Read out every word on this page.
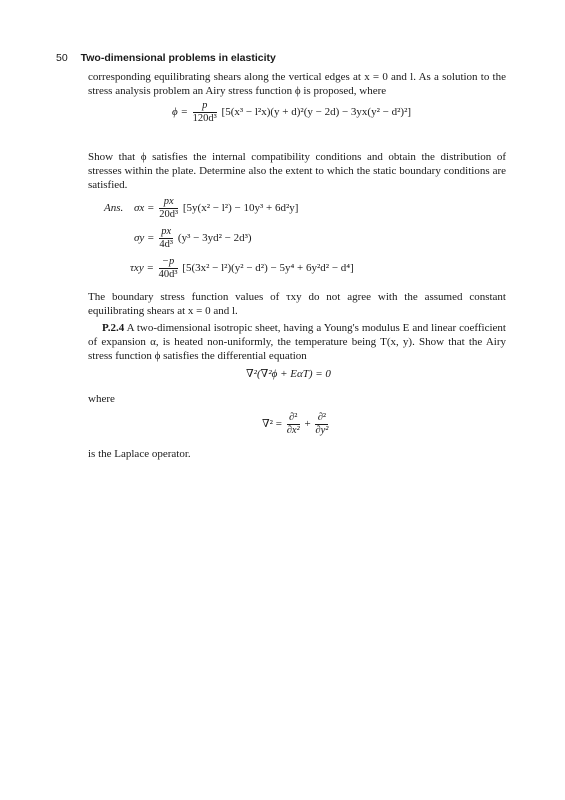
50 Two-dimensional problems in elasticity
corresponding equilibrating shears along the vertical edges at x = 0 and l. As a solution to the stress analysis problem an Airy stress function ϕ is proposed, where
$\phi = \frac{p}{\text{120d³}} [5(x^3 - l^2x)(y + d)^2(y - 2d) - 3yx(y^2 - d^2)^2]$
Show that ϕ satisfies the internal compatibility conditions and obtain the distribution of stresses within the plate. Determine also the extent to which the static boundary conditions are satisfied.
Ans. $\sigma x = \frac{px}{\text{20d³}} [5y(x^2 - l^2) - 10y^3 + 6d^2y]$
$\sigma y = \frac{px}{\text{4d³}} (y^3 - 3yd^2 - 2d^3)$
$\tau xy = \frac{-p}{\text{40d³}} [5(3x^2 - l^2)(y^2 - d^2) - 5y^4 + 6y^2d^2 - d^4]$
The boundary stress function values of τxy do not agree with the assumed constant equilibrating shears at x = 0 and l.
P.2.4 A two-dimensional isotropic sheet, having a Young's modulus E and linear coefficient of expansion α, is heated non-uniformly, the temperature being T(x, y). Show that the Airy stress function ϕ satisfies the differential equation
∇²(∇²ϕ + EαT) = 0
where
$\nabla^2 = \frac{\text{∂²}}{\text{∂x²}} + \frac{\text{∂²}}{\text{∂y²}}$
is the Laplace operator.
